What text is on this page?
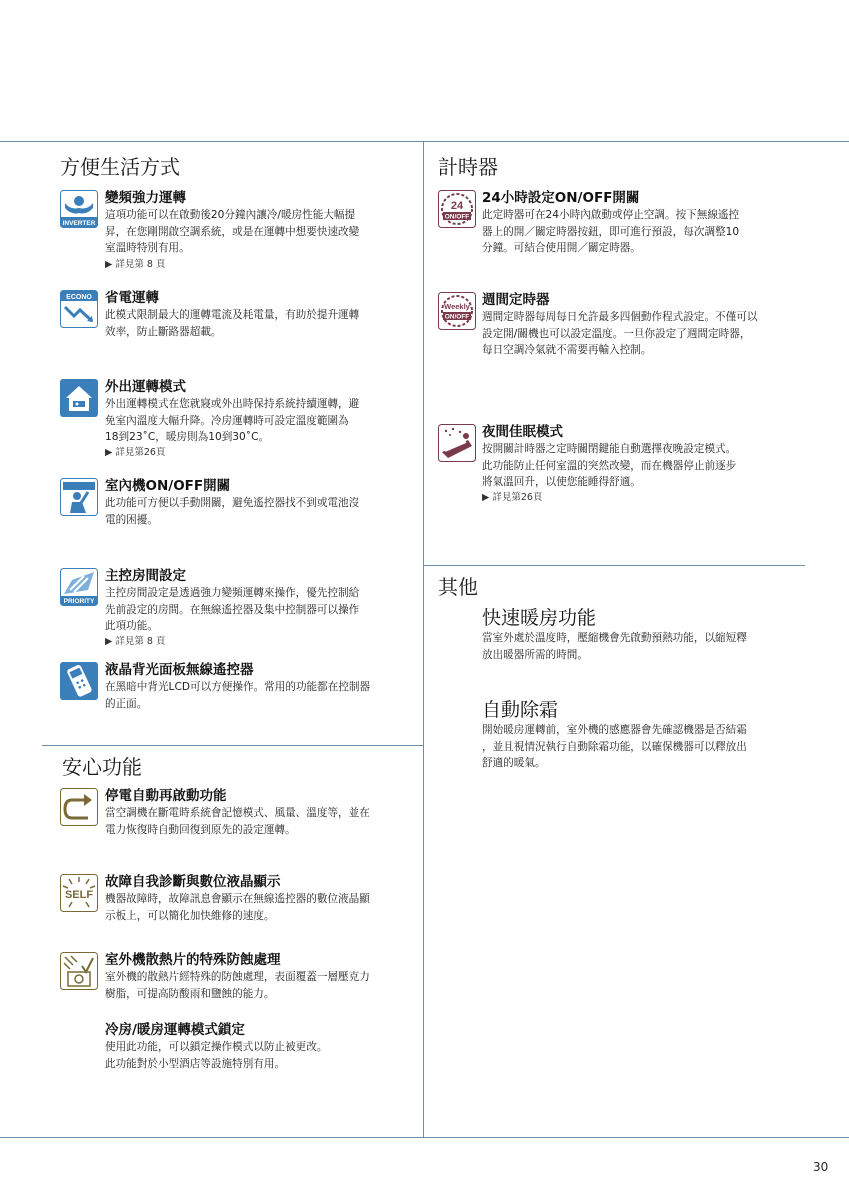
方便生活方式	計時器
安心功能
其他
INVERTER
變頻強力運轉
這項功能可以在啟動後20分鐘內讓冷/暖房性能大幅提
昇，在您剛開啟空調系統，或是在運轉中想要快速改變
室溫時特別有用。
▶ 詳見第 8 頁
ECONO 省電運轉
此模式限制最大的運轉電流及耗電量，有助於提升運轉
效率，防止斷路器超載。
外出運轉模式
外出運轉模式在您就寢或外出時保持系統持續運轉，避
免室內溫度大幅升降。冷房運轉時可設定溫度範圍為
18到23˚C，暖房則為10到30˚C。
▶ 詳見第26頁
室內機ON/OFF開關
此功能可方便以手動開關，避免遙控器找不到或電池沒
電的困擾。
PRIORITY
主控房間設定
主控房間設定是透過強力變頻運轉來操作，優先控制給
先前設定的房間。在無線遙控器及集中控制器可以操作
此項功能。
▶ 詳見第 8 頁
液晶背光面板無線遙控器
在黑暗中背光LCD可以方便操作。常用的功能都在控制器
的正面。
停電自動再啟動功能
當空調機在斷電時系統會記憶模式、風量、溫度等，並在
電力恢復時自動回復到原先的設定運轉。
SELF
故障自我診斷與數位液晶顯示
機器故障時，故障訊息會顯示在無線遙控器的數位液晶顯
示板上，可以簡化加快維修的速度。
室外機散熱片的特殊防蝕處理
室外機的散熱片經特殊的防蝕處理，表面覆蓋一層壓克力
樹脂，可提高防酸雨和鹽蝕的能力。
冷房/暖房運轉模式鎖定
使用此功能，可以鎖定操作模式以防止被更改。
此功能對於小型酒店等設施特別有用。
24
ON/OFF
24小時設定ON/OFF開關
此定時器可在24小時內啟動或停止空調。按下無線遙控
器上的開／關定時器按鈕，即可進行預設，每次調整10
分鐘。可結合使用開／關定時器。
Weekly
ON/OFF
週間定時器
週間定時器每周每日允許最多四個動作程式設定。不僅可以
設定開/關機也可以設定溫度。一旦你設定了週間定時器，
每日空調冷氣就不需要再輸入控制。
夜間佳眠模式
按開關計時器之定時關閉鍵能自動選擇夜晚設定模式。
此功能防止任何室溫的突然改變，而在機器停止前逐步
將氣溫回升，以使您能睡得舒適。
▶ 詳見第26頁
快速暖房功能
當室外處於溫度時，壓縮機會先啟動預熱功能，以縮短釋
放出暖器所需的時間。
自動除霜
開始暖房運轉前，室外機的感應器會先確認機器是否結霜
，並且視情況執行自動除霜功能，以確保機器可以釋放出
舒適的暖氣。
30
